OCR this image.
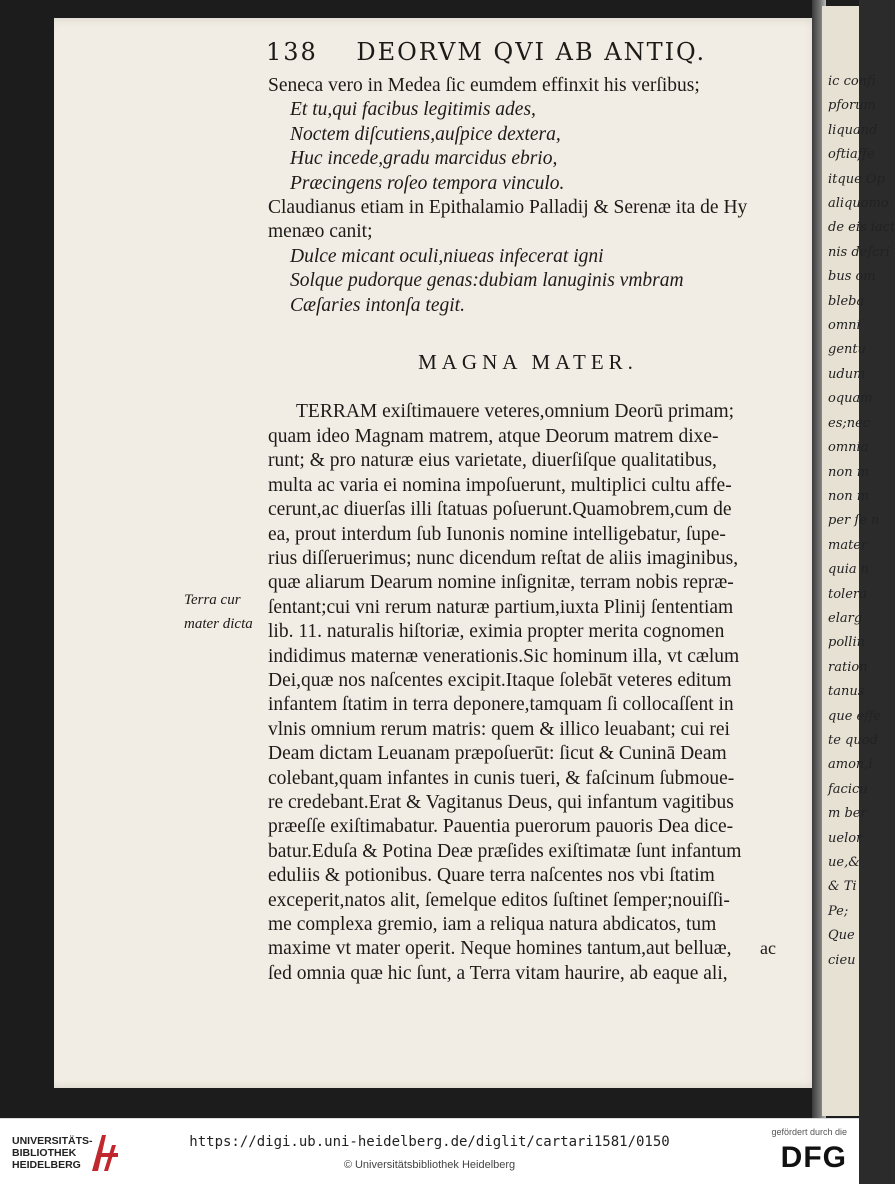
ic confi
pforum
liquand
oftiaffe
itque Op
aliquomo
de eis iact
nis deſcri
bus om
bleba
omni
gentu
udum
oquam
es;nec
omnia
non m
non m
per ſe n
mater
quia n
tolera
elarg
pollin
ration
tanus
que effe
te quod
amon,i
facicu
m ber
uelor
ue,&
& Ti
Pe;
Que
cieu
138 DEORVM QVI AB ANTIQ.
Seneca vero in Medea ſic eumdem effinxit his verſibus;
Et tu,qui facibus legitimis ades,
Noctem diſcutiens,auſpice dextera,
Huc incede,gradu marcidus ebrio,
Præcingens roſeo tempora vinculo.
Claudianus etiam in Epithalamio Palladij & Serenæ ita de Hy
menæo canit;
Dulce micant oculi,niueas infecerat igni
Solque pudorque genas:dubiam lanuginis vmbram
Cæſaries intonſa tegit.
MAGNA MATER.
TERRAM exiſtimauere veteres,omnium Deorū primam;
quam ideo Magnam matrem, atque Deorum matrem dixe-
runt; & pro naturæ eius varietate, diuerſiſque qualitatibus,
multa ac varia ei nomina impoſuerunt, multiplici cultu affe-
cerunt,ac diuerſas illi ſtatuas poſuerunt.Quamobrem,cum de
ea, prout interdum ſub Iunonis nomine intelligebatur, ſupe-
rius diſſeruerimus; nunc dicendum reſtat de aliis imaginibus,
quæ aliarum Dearum nomine inſignitæ, terram nobis repræ-
ſentant;cui vni rerum naturæ partium,iuxta Plinij ſententiam
lib. 11. naturalis hiſtoriæ, eximia propter merita cognomen
indidimus maternæ venerationis.Sic hominum illa, vt cælum
Dei,quæ nos naſcentes excipit.Itaque ſolebāt veteres editum
infantem ſtatim in terra deponere,tamquam ſi collocaſſent in
vlnis omnium rerum matris: quem & illico leuabant; cui rei
Deam dictam Leuanam præpoſuerūt: ſicut & Cuninā Deam
colebant,quam infantes in cunis tueri, & faſcinum ſubmoue-
re credebant.Erat & Vagitanus Deus, qui infantum vagitibus
præeſſe exiſtimabatur. Pauentia puerorum pauoris Dea dice-
batur.Eduſa & Potina Deæ præſides exiſtimatæ ſunt infantum
eduliis & potionibus. Quare terra naſcentes nos vbi ſtatim
exceperit,natos alit, ſemelque editos ſuſtinet ſemper;nouiſſi-
me complexa gremio, iam a reliqua natura abdicatos, tum
maxime vt mater operit. Neque homines tantum,aut belluæ,
ſed omnia quæ hic ſunt, a Terra vitam haurire, ab eaque ali,
Terra cur
mater dicta
ac
UNIVERSITÄTS-
BIBLIOTHEK
HEIDELBERG
https://digi.ub.uni-heidelberg.de/diglit/cartari1581/0150
© Universitätsbibliothek Heidelberg
gefördert durch die
DFG
